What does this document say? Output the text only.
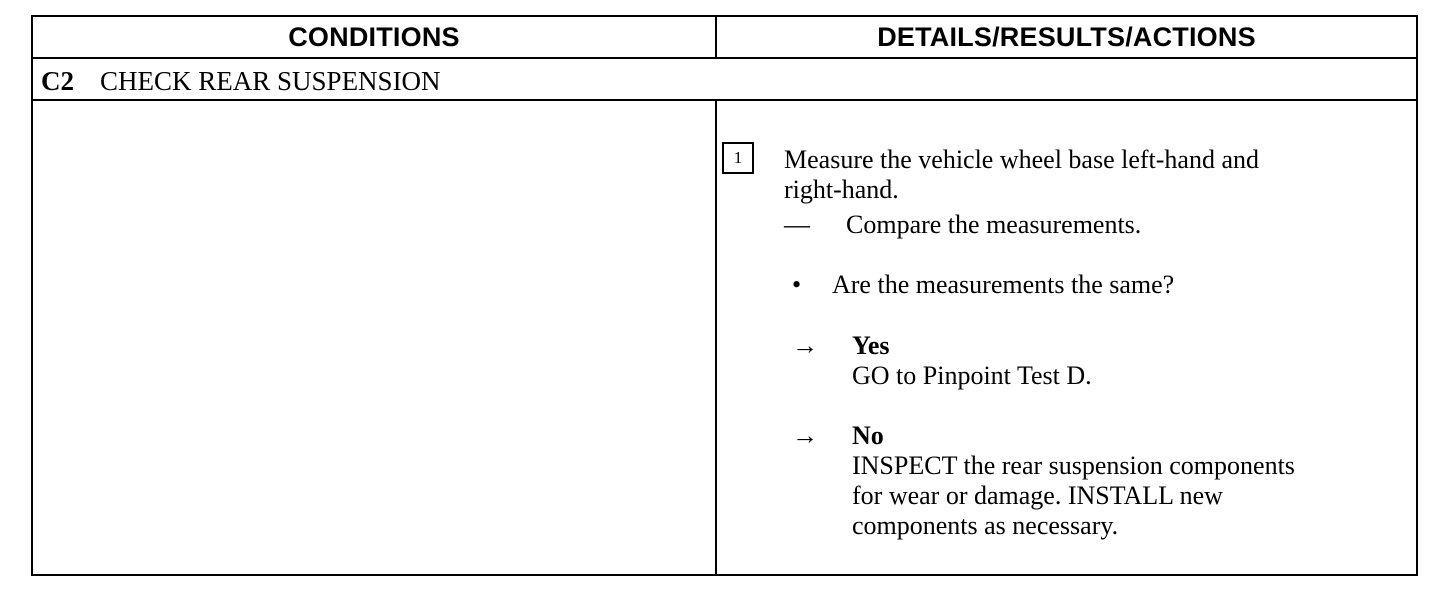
CONDITIONS	DETAILS/RESULTS/ACTIONS
C2 CHECK REAR SUSPENSION
1	Measure the vehicle wheel base left-hand and
right-hand.
— Compare the measurements.
• Are the measurements the same?
→ Yes
GO to Pinpoint Test D.
→ No
INSPECT the rear suspension components
for wear or damage. INSTALL new
components as necessary.
